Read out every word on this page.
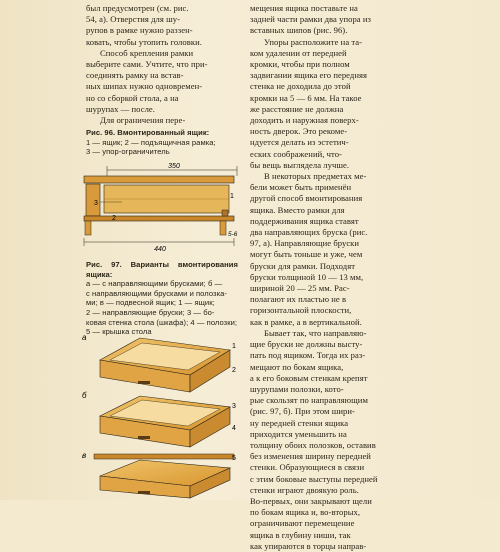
был предусмотрен (см. рис.

54, а). Отверстия для шу-

рупов в рамке нужно раззен-

ковать, чтобы утопить головки.

Способ крепления рамки

выберите сами. Учтите, что при-

соединять рамку на встав-

ных шипах нужно одновремен-

но со сборкой стола, а на

шурупах — после.

Для ограничения пере-

Рис. 96. Вмонтированный ящик:

1 — ящик; 2 — подъящичная рамка;

3 — упор-ограничитель

350
3
2
1
440
5-6

Рис. 97. Варианты вмонтирования ящика:

а — с направляющими брусками; б —

с направляющими брусками и полозка-

ми; в — подвесной ящик; 1 — ящик;

2 — направляющие бруски; 3 — бо-

ковая стенка стола (шкафа); 4 — полозки;

5 — крышка стола

а
1
2
б
3
4
в	5

мещения ящика поставьте на

задней части рамки два упора из

вставных шипов (рис. 96).

Упоры расположите на та-

ком удалении от передней

кромки, чтобы при полном

задвигании ящика его передняя

стенка не доходила до этой

кромки на 5 — 6 мм. На такое

же расстояние не должна

доходить и наружная поверх-

ность дверок. Это рекоме-

ндуется делать из эстетич-

еских соображений, что-

бы вещь выглядела лучше.

В некоторых предметах ме-

бели может быть применён

другой способ вмонтирования

ящика. Вместо рамки для

поддерживания ящика ставят

два направляющих бруска (рис.

97, а). Направляющие бруски

могут быть тоньше и уже, чем

бруски для рамки. Подходят

бруски толщиной 10 — 13 мм,

шириной 20 — 25 мм. Рас-

полагают их пластью не в

горизонтальной плоскости,

как в рамке, а в вертикальной.

Бывает так, что направляю-

щие бруски не должны высту-

пать под ящиком. Тогда их раз-

мещают по бокам ящика,

а к его боковым стенкам крепят

шурупами полозки, кото-

рые скользят по направляющим

(рис. 97, б). При этом шири-

ну передней стенки ящика

приходится уменьшить на

толщину обоих полозков, оставив

без изменения ширину передней

стенки. Образующиеся в связи

с этим боковые выступы передней

стенки играют двоякую роль.

Во-первых, они закрывают щели

по бокам ящика и, во-вторых,

ограничивают перемещение

ящика в глубину ниши, так

как упираются в торцы направ-
